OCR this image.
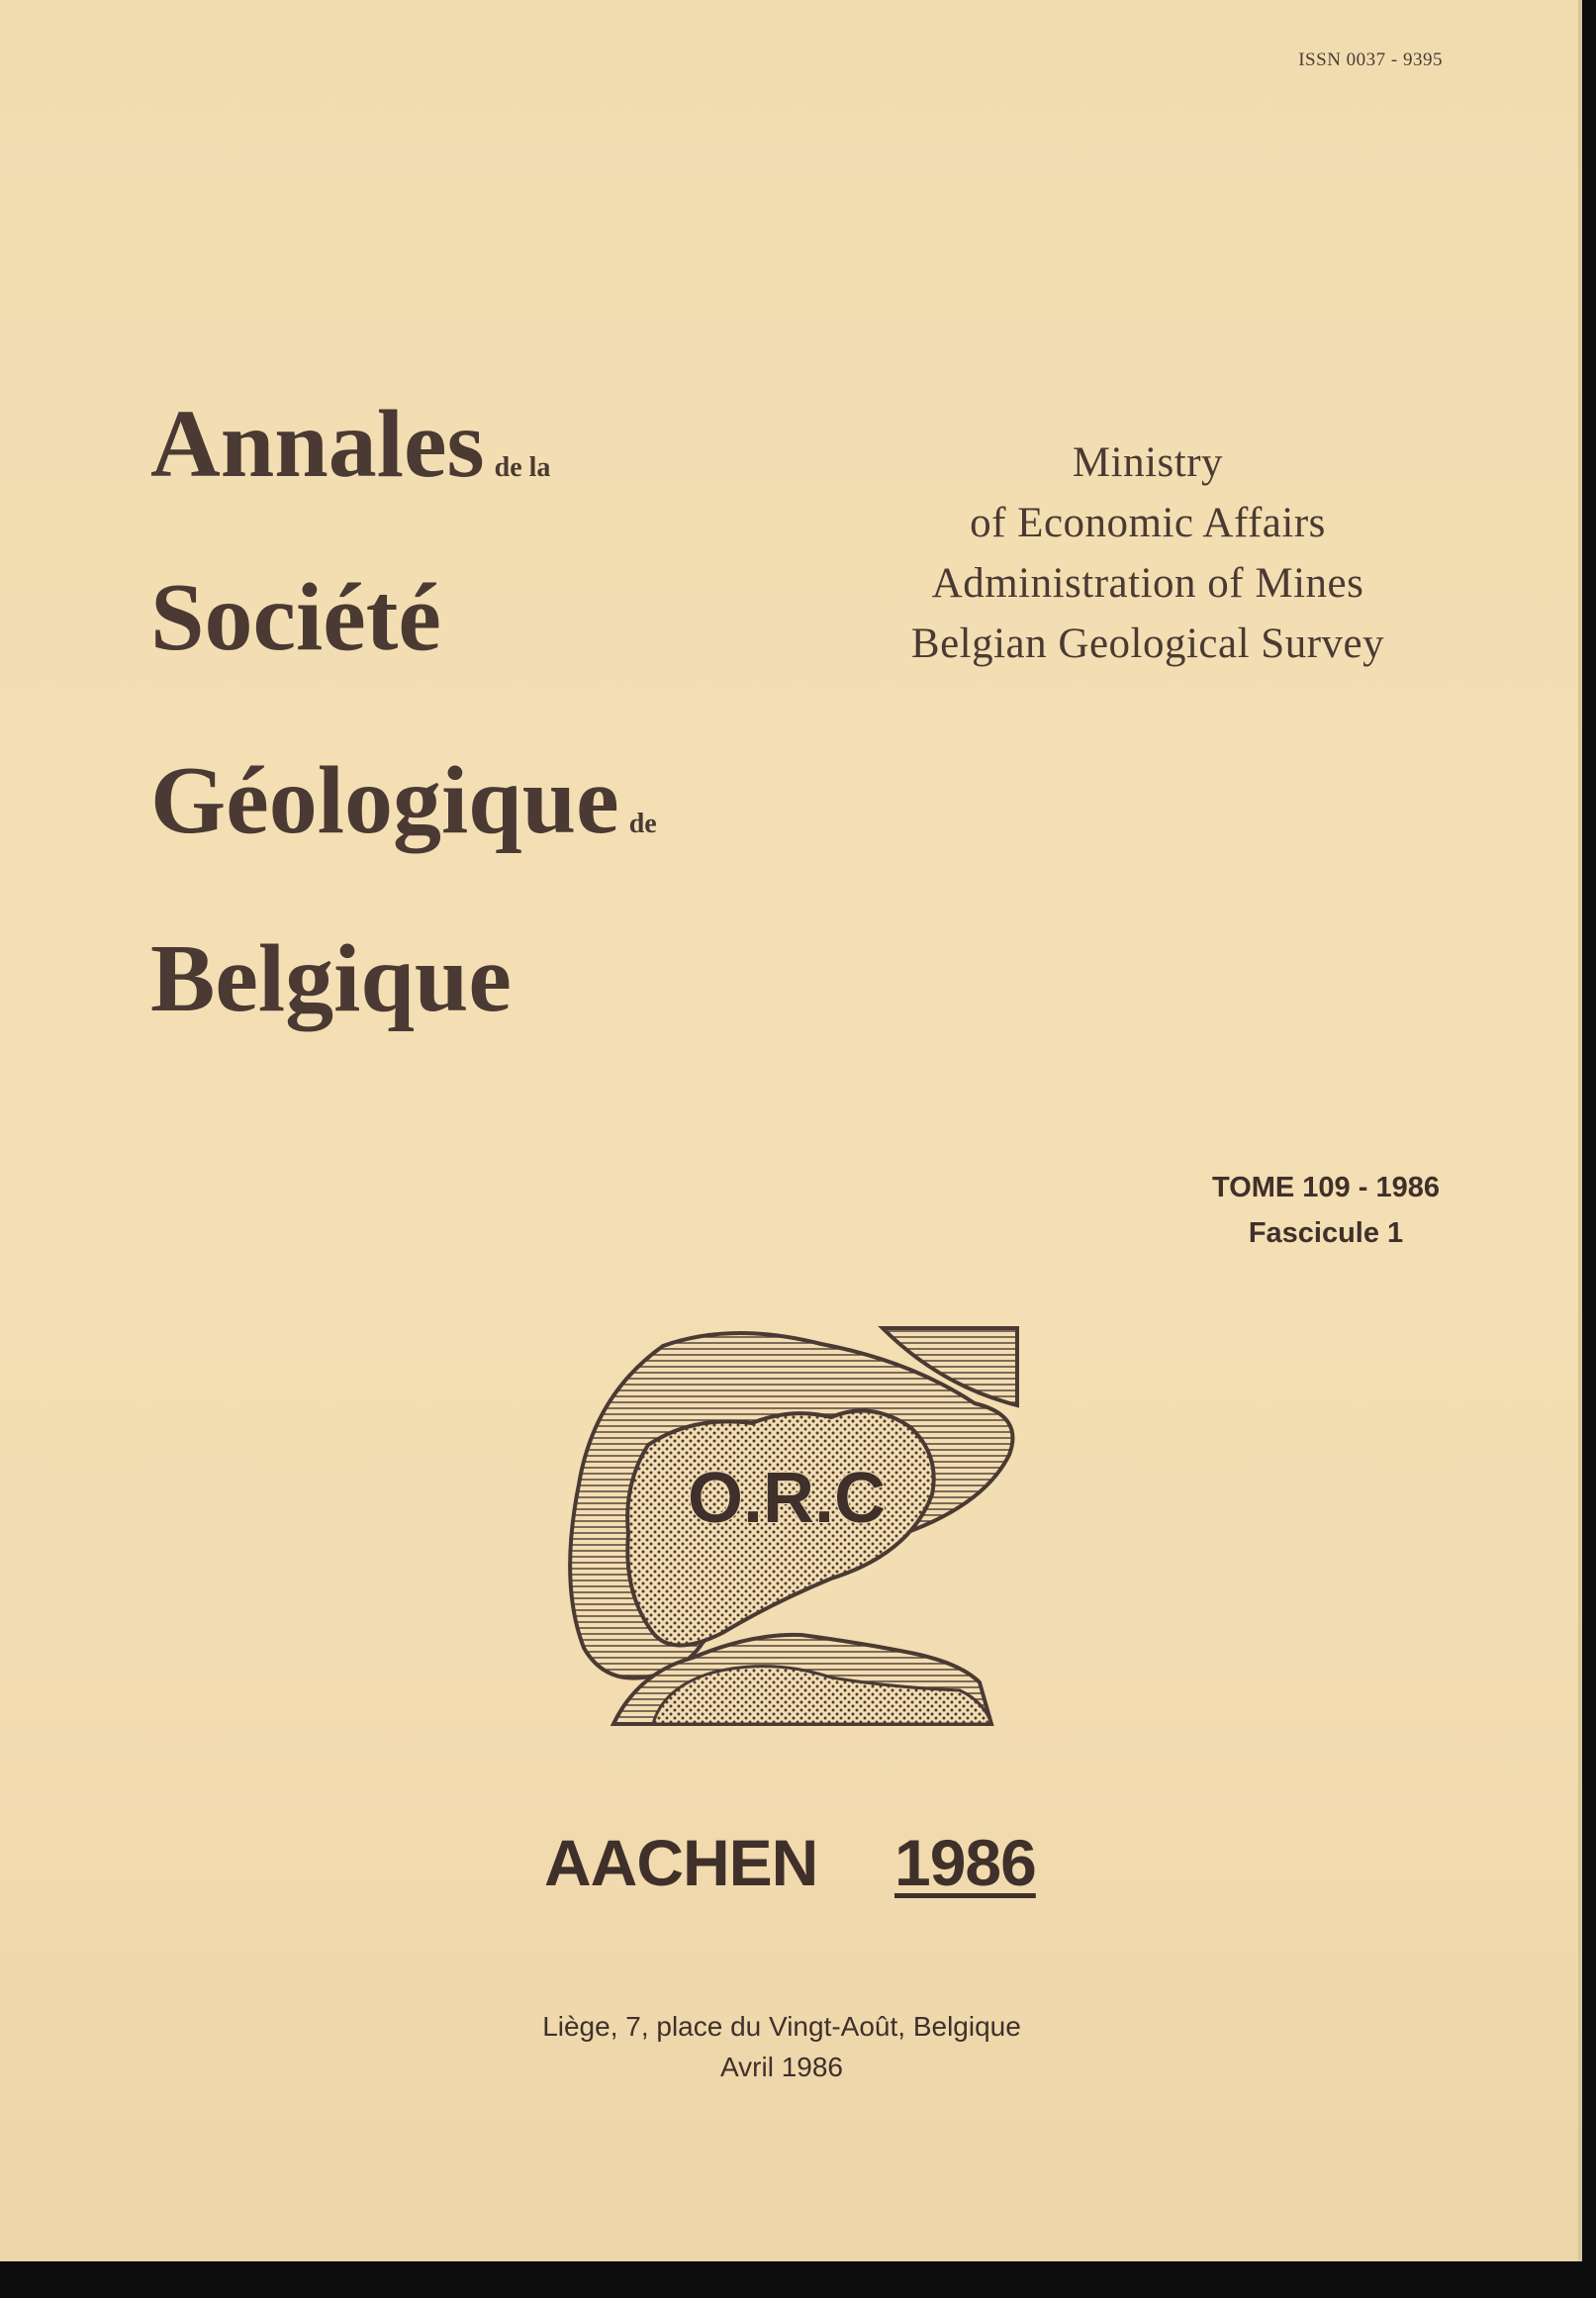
ISSN 0037 - 9395
Annales de la
Société
Géologique de
Belgique
Ministry
of Economic Affairs
Administration of Mines
Belgian Geological Survey
TOME 109 - 1986
Fascicule 1
O.R.C
AACHEN 1986
Liège, 7, place du Vingt-Août, Belgique
Avril 1986
